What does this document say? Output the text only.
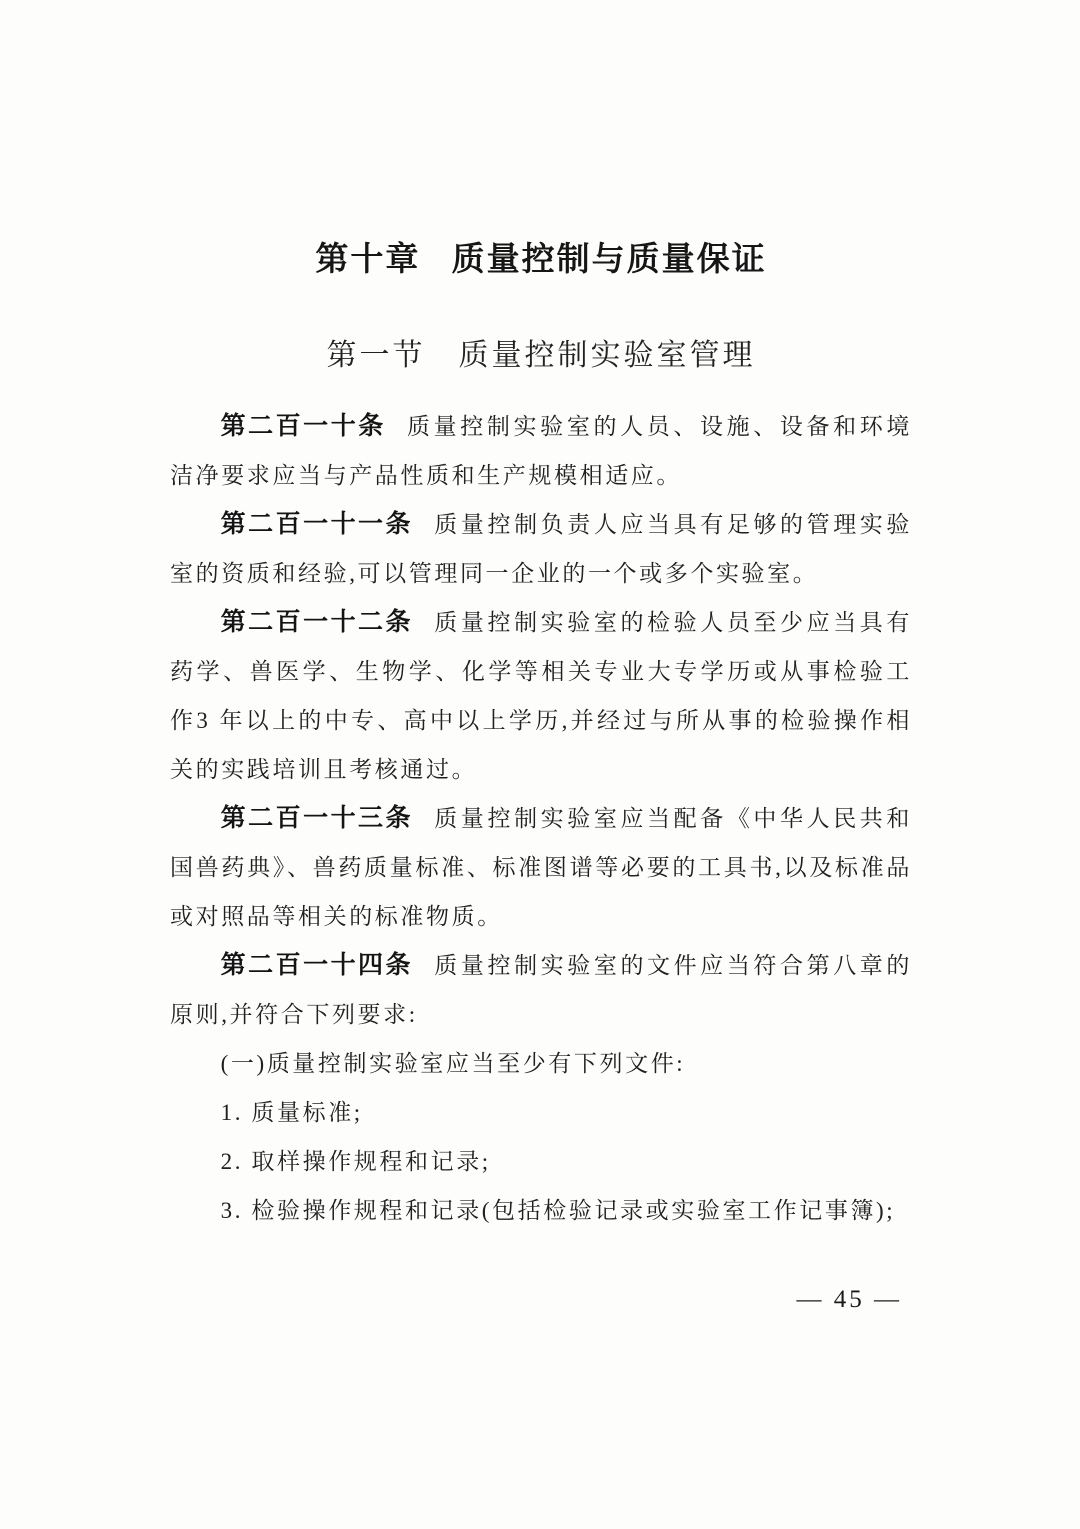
第十章 质量控制与质量保证
第一节 质量控制实验室管理

第二百一十条 质量控制实验室的人员、设施、设备和环境洁净要求应当与产品性质和生产规模相适应。

第二百一十一条 质量控制负责人应当具有足够的管理实验室的资质和经验,可以管理同一企业的一个或多个实验室。

第二百一十二条 质量控制实验室的检验人员至少应当具有药学、兽医学、生物学、化学等相关专业大专学历或从事检验工作3 年以上的中专、高中以上学历,并经过与所从事的检验操作相关的实践培训且考核通过。

第二百一十三条 质量控制实验室应当配备《中华人民共和国兽药典》、兽药质量标准、标准图谱等必要的工具书,以及标准品或对照品等相关的标准物质。

第二百一十四条 质量控制实验室的文件应当符合第八章的原则,并符合下列要求:

(一)质量控制实验室应当至少有下列文件:

1. 质量标准;

2. 取样操作规程和记录;

3. 检验操作规程和记录(包括检验记录或实验室工作记事簿);

— 45 —
